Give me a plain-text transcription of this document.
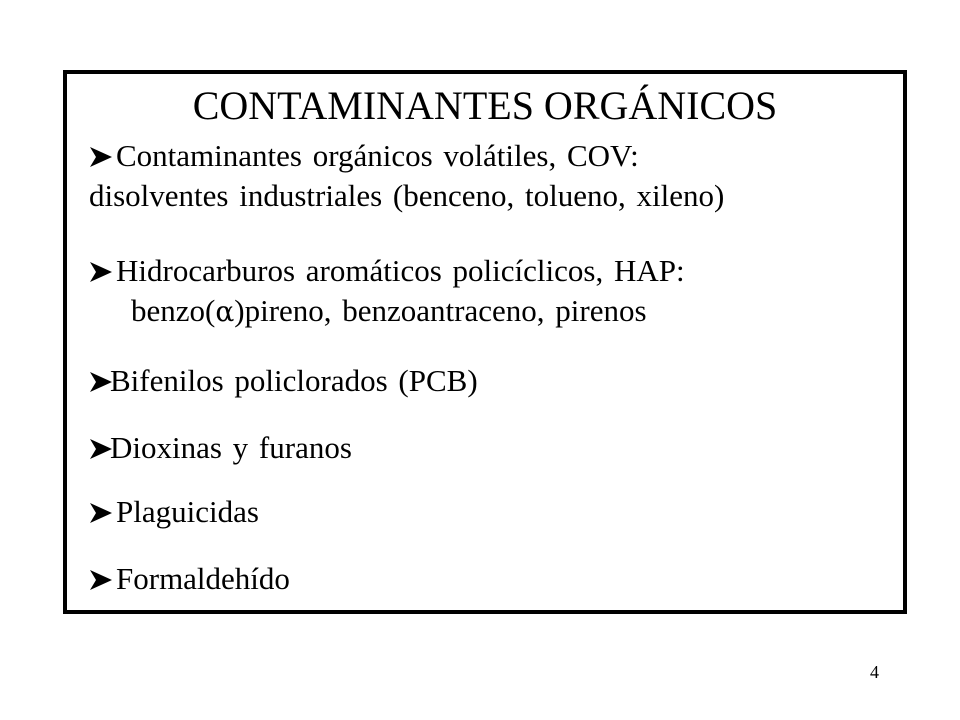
CONTAMINANTES ORGÁNICOS
Contaminantes orgánicos volátiles, COV:
disolventes industriales (benceno, tolueno, xileno)
Hidrocarburos aromáticos policíclicos, HAP:
benzo(α)pireno, benzoantraceno, pirenos
Bifenilos policlorados (PCB)
Dioxinas y furanos
Plaguicidas
Formaldehído
4
